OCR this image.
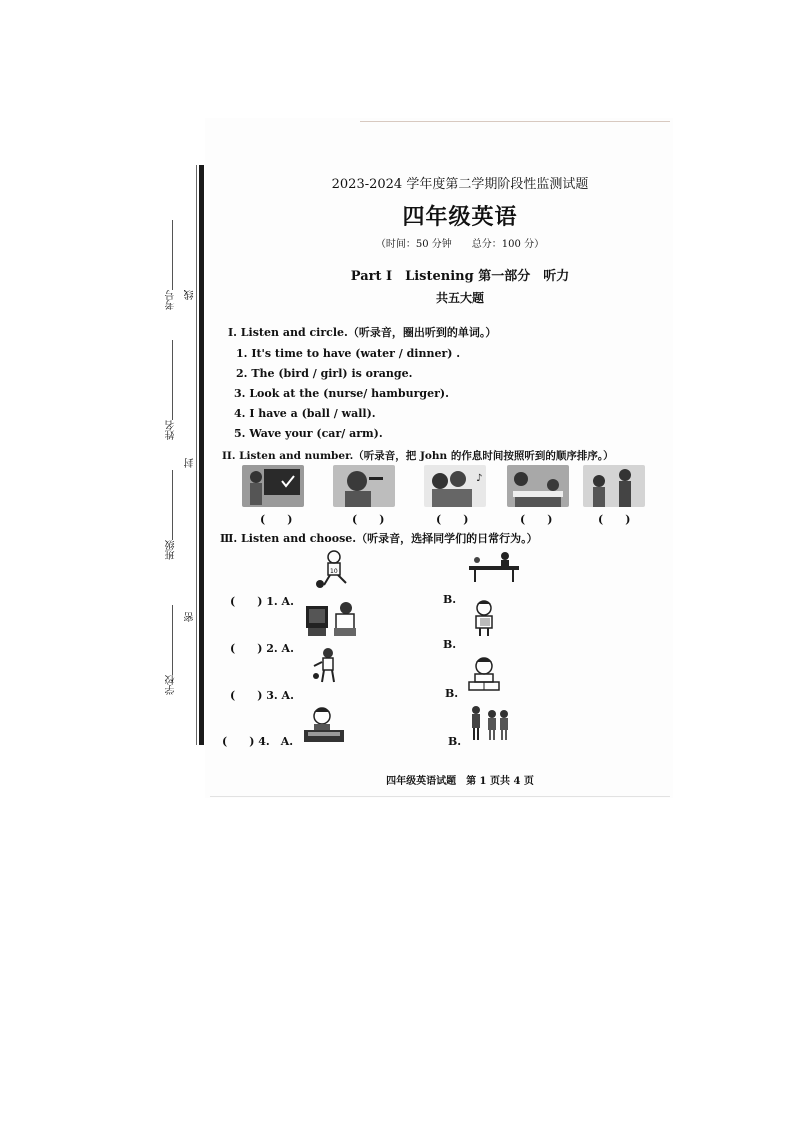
考号
姓名
班级
学校
线
封
密
2023-2024 学年度第二学期阶段性监测试题
四年级英语
（时间：50 分钟　　总分：100 分）
Part I　Listening 第一部分　听力
共五大题
I. Listen and circle.（听录音，圈出听到的单词。）
1. It's time to have (water / dinner) .
2. The (bird / girl) is orange.
3. Look at the (nurse/ hamburger).
4. I have a (ball / wall).
5. Wave your (car/ arm).
II. Listen and number.（听录音，把 John 的作息时间按照听到的顺序排序。）
♪
(　　)	(　　)	(　　)	(　　)	(　　)
Ⅲ. Listen and choose.（听录音，选择同学们的日常行为。）
(　　) 1. A.
10
B.
(　　) 2. A.	B.
(　　) 3. A.	B.
(　　) 4.　A.	B.
四年级英语试题　第 1 页共 4 页
